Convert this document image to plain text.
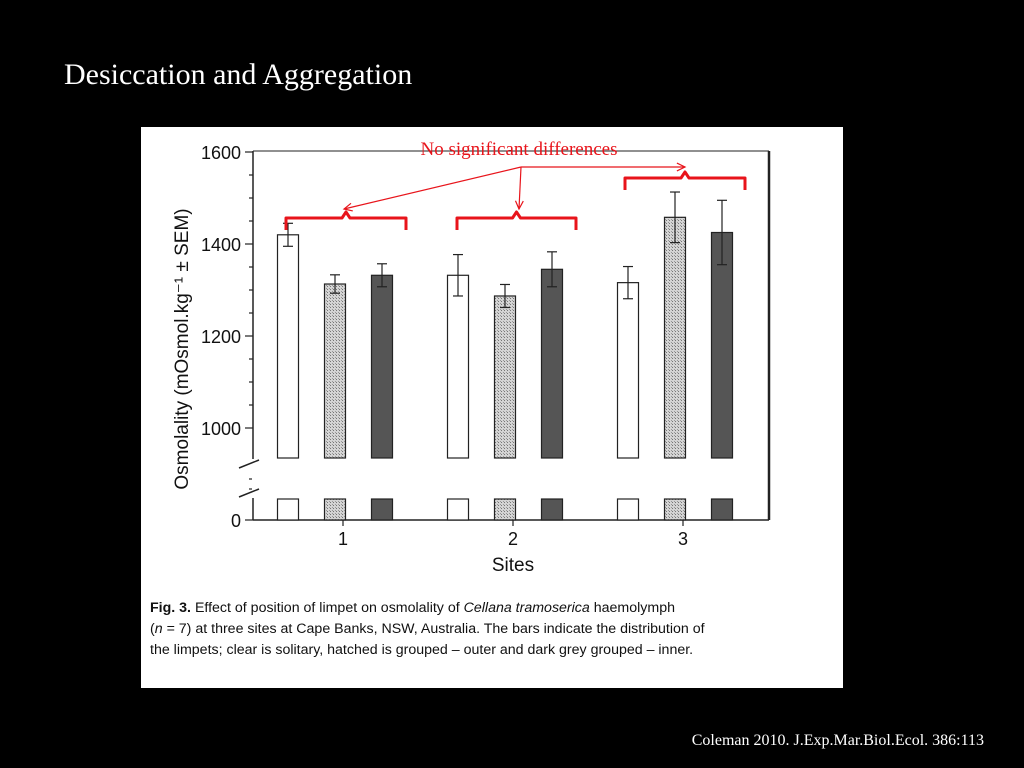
Desiccation and Aggregation
0
1000
1200
1400
1600
1	2	3
Osmolality (mOsmol.kg⁻¹ ± SEM)
Sites
No significant differences

Fig. 3. Effect of position of limpet on osmolality of Cellana tramoserica haemolymph

(n = 7) at three sites at Cape Banks, NSW, Australia. The bars indicate the distribution of

the limpets; clear is solitary, hatched is grouped – outer and dark grey grouped – inner.

Coleman 2010. J.Exp.Mar.Biol.Ecol. 386:113
